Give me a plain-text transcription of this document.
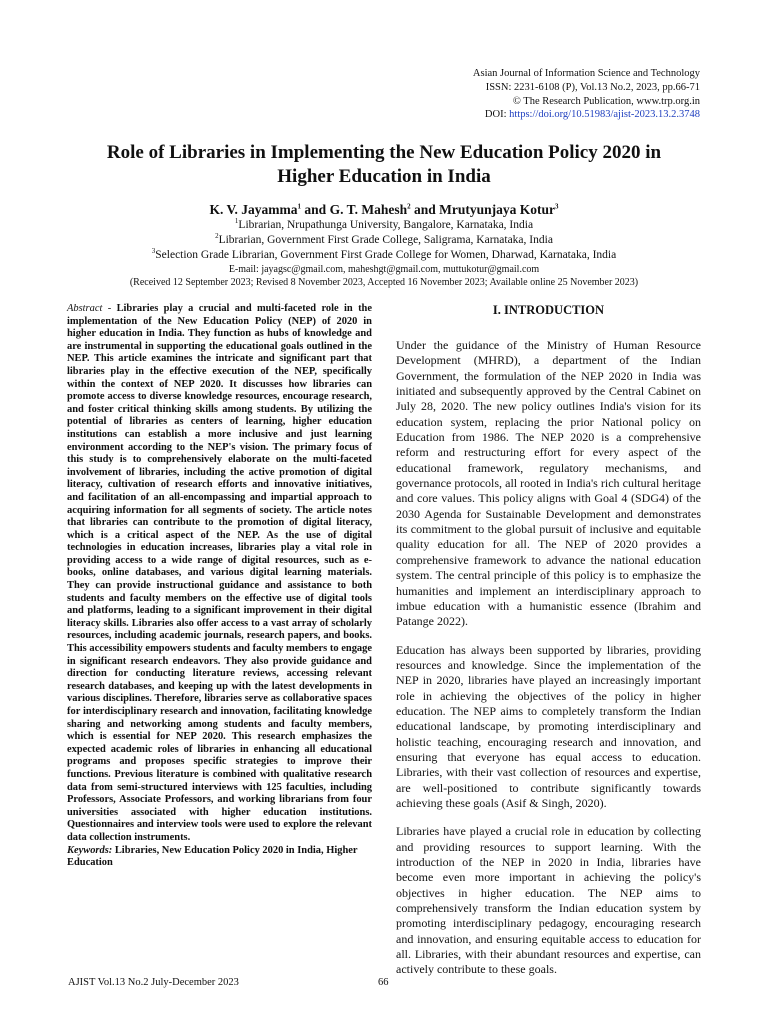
Asian Journal of Information Science and Technology
ISSN: 2231-6108 (P), Vol.13 No.2, 2023, pp.66-71
© The Research Publication, www.trp.org.in
DOI: https://doi.org/10.51983/ajist-2023.13.2.3748
Role of Libraries in Implementing the New Education Policy 2020 in
Higher Education in India
K. V. Jayamma$^1$ and G. T. Mahesh$^2$ and Mrutyunjaya Kotur$^3$
$^1$Librarian, Nrupathunga University, Bangalore, Karnataka, India
$^2$Librarian, Government First Grade College, Saligrama, Karnataka, India
$^3$Selection Grade Librarian, Government First Grade College for Women, Dharwad, Karnataka, India
E-mail: jayagsc@gmail.com, maheshgt@gmail.com, muttukotur@gmail.com
(Received 12 September 2023; Revised 8 November 2023, Accepted 16 November 2023; Available online 25 November 2023)
Abstract - Libraries play a crucial and multi-faceted role in the implementation of the New Education Policy (NEP) of 2020 in higher education in India. They function as hubs of knowledge and are instrumental in supporting the educational goals outlined in the NEP. This article examines the intricate and significant part that libraries play in the effective execution of the NEP, specifically within the context of NEP 2020. It discusses how libraries can promote access to diverse knowledge resources, encourage research, and foster critical thinking skills among students. By utilizing the potential of libraries as centers of learning, higher education institutions can establish a more inclusive and just learning environment according to the NEP's vision. The primary focus of this study is to comprehensively elaborate on the multi-faceted involvement of libraries, including the active promotion of digital literacy, cultivation of research efforts and innovative initiatives, and facilitation of an all-encompassing and impartial approach to acquiring information for all segments of society. The article notes that libraries can contribute to the promotion of digital literacy, which is a critical aspect of the NEP. As the use of digital technologies in education increases, libraries play a vital role in providing access to a wide range of digital resources, such as e-books, online databases, and various digital learning materials. They can provide instructional guidance and assistance to both students and faculty members on the effective use of digital tools and platforms, leading to a significant improvement in their digital literacy skills. Libraries also offer access to a vast array of scholarly resources, including academic journals, research papers, and books. This accessibility empowers students and faculty members to engage in significant research endeavors. They also provide guidance and direction for conducting literature reviews, accessing relevant research databases, and keeping up with the latest developments in various disciplines. Therefore, libraries serve as collaborative spaces for interdisciplinary research and innovation, facilitating knowledge sharing and networking among students and faculty members, which is essential for NEP 2020. This research emphasizes the expected academic roles of libraries in enhancing all educational programs and proposes specific strategies to improve their functions. Previous literature is combined with qualitative research data from semi-structured interviews with 125 faculties, including Professors, Associate Professors, and working librarians from four universities associated with higher education institutions. Questionnaires and interview tools were used to explore the relevant data collection instruments.
Keywords: Libraries, New Education Policy 2020 in India, Higher Education
I. INTRODUCTION

Under the guidance of the Ministry of Human Resource Development (MHRD), a department of the Indian Government, the formulation of the NEP 2020 in India was initiated and subsequently approved by the Central Cabinet on July 28, 2020. The new policy outlines India's vision for its education system, replacing the prior National policy on Education from 1986. The NEP 2020 is a comprehensive reform and restructuring effort for every aspect of the educational framework, regulatory mechanisms, and governance protocols, all rooted in India's rich cultural heritage and core values. This policy aligns with Goal 4 (SDG4) of the 2030 Agenda for Sustainable Development and demonstrates its commitment to the global pursuit of inclusive and equitable quality education for all. The NEP of 2020 provides a comprehensive framework to advance the national education system. The central principle of this policy is to emphasize the humanities and implement an interdisciplinary approach to imbue education with a humanistic essence (Ibrahim and Patange 2022).

Education has always been supported by libraries, providing resources and knowledge. Since the implementation of the NEP in 2020, libraries have played an increasingly important role in achieving the objectives of the policy in higher education. The NEP aims to completely transform the Indian educational landscape, by promoting interdisciplinary and holistic teaching, encouraging research and innovation, and ensuring that everyone has equal access to education. Libraries, with their vast collection of resources and expertise, are well-positioned to contribute significantly towards achieving these goals (Asif & Singh, 2020).

Libraries have played a crucial role in education by collecting and providing resources to support learning. With the introduction of the NEP in 2020 in India, libraries have become even more important in achieving the policy's objectives in higher education. The NEP aims to comprehensively transform the Indian education system by promoting interdisciplinary pedagogy, encouraging research and innovation, and ensuring equitable access to education for all. Libraries, with their abundant resources and expertise, can actively contribute to these goals.

AJIST Vol.13 No.2 July-December 2023	66
